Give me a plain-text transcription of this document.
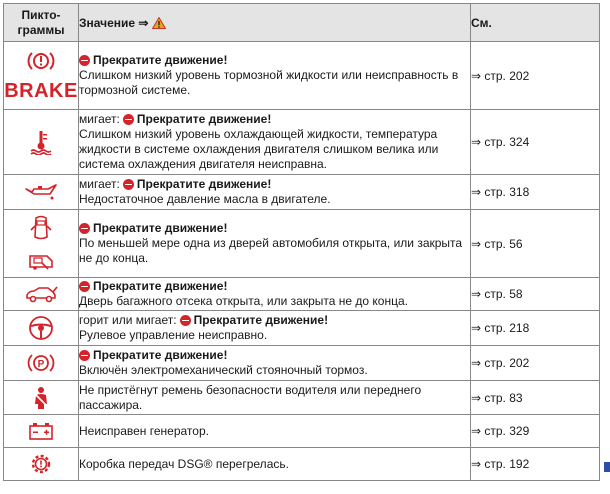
Пикто-
граммы	Значение ⇒	См.

BRAKE	Прекратите движение!
Слишком низкий уровень тормозной жидкости или неисправность в тормозной системе.	⇒ стр. 202

мигает: Прекратите движение!
Слишком низкий уровень охлаждающей жидкости, температура жидкости в системе охлаждения двигателя слишком велика или система охлаждения двигателя неисправна.	⇒ стр. 324

мигает: Прекратите движение!
Недостаточное давление масла в двигателе.	⇒ стр. 318

Прекратите движение!
По меньшей мере одна из дверей автомобиля открыта, или закрыта не до конца.	⇒ стр. 56

Прекратите движение!
Дверь багажного отсека открыта, или закрыта не до конца.	⇒ стр. 58

горит или мигает: Прекратите движение!
Рулевое управление неисправно.	⇒ стр. 218

P	Прекратите движение!
Включён электромеханический стояночный тормоз.	⇒ стр. 202

Не пристёгнут ремень безопасности водителя или переднего пассажира.	⇒ стр. 83

Неисправен генератор.	⇒ стр. 329

Коробка передач DSG® перегрелась.	⇒ стр. 192
